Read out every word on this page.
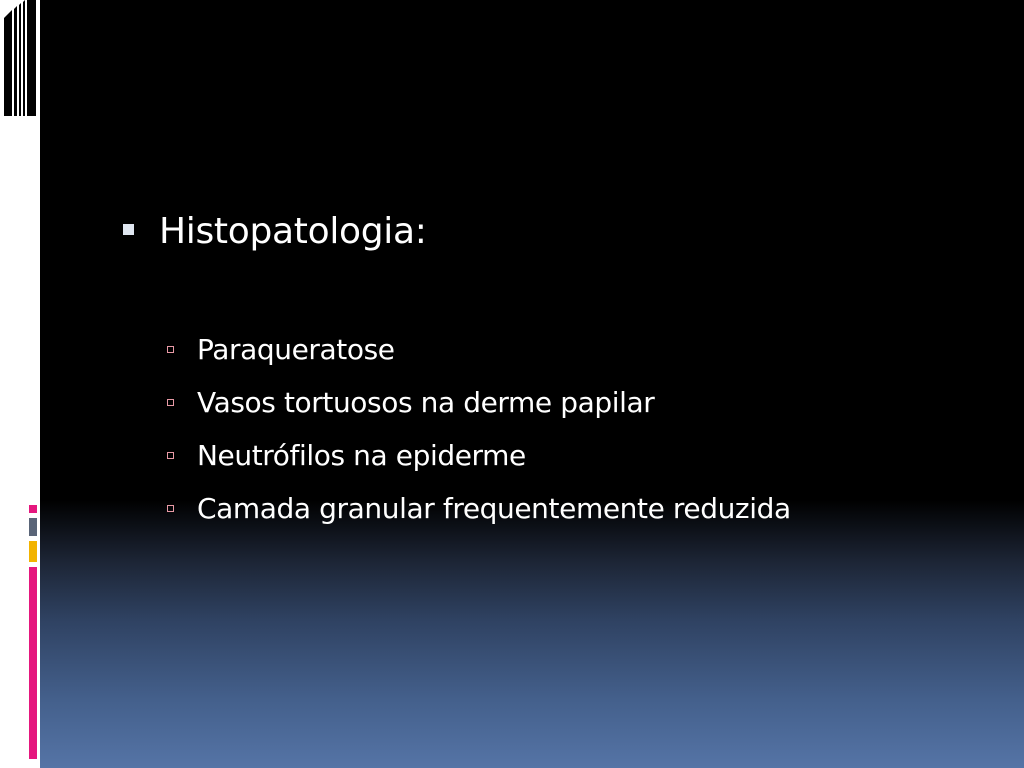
Histopatologia:
Paraqueratose
Vasos tortuosos na derme papilar
Neutrófilos na epiderme
Camada granular frequentemente reduzida
